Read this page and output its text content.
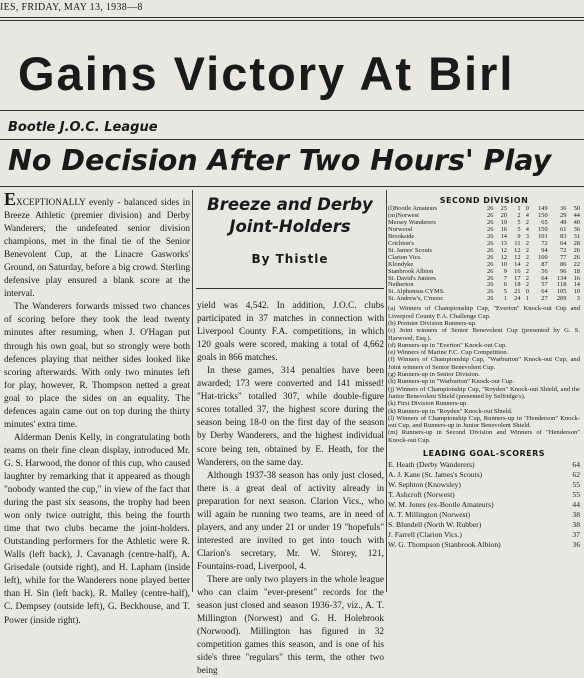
IES, FRIDAY, MAY 13, 1938—8
Gains Victory At Birl
Bootle J.O.C. League
No Decision After Two Hours' Play

EXCEPTIONALLY evenly - balanced sides in Breeze Athletic (premier division) and Derby Wanderers, the undefeated senior division champions, met in the final tie of the Senior Benevolent Cup, at the Linacre Gasworks' Ground, on Saturday, before a big crowd. Sterling defensive play ensured a blank score at the interval.

The Wanderers forwards missed two chances of scoring before they took the lead twenty minutes after resuming, when J. O'Hagan put through his own goal, but so strongly were both defences playing that neither sides looked like scoring afterwards. With only two minutes left for play, however, R. Thompson netted a great goal to place the sides on an equality. The defences again came out on top during the thirty minutes' extra time.

Alderman Denis Kelly, in congratulating both teams on their fine clean display, introduced Mr. G. S. Harwood, the donor of this cup, who caused laughter by remarking that it appeared as though "nobody wanted the cup," in view of the fact that during the past six seasons, the trophy had been won only twice outright, this being the fourth time that two clubs became the joint-holders. Outstanding performers for the Athletic were R. Walls (left back), J. Cavanagh (centre-half), A. Grisedale (outside right), and H. Lapham (inside left), while for the Wanderers none played better than H. Sin (left back), R. Malley (centre-half), C. Dempsey (outside left), G. Beckhouse, and T. Power (inside right).

Breeze and Derby
Joint-Holders
By Thistle

yield was 4,542. In addition, J.O.C. clubs participated in 37 matches in connection with Liverpool County F.A. competitions, in which 120 goals were scored, making a total of 4,662 goals in 866 matches.

In these games, 314 penalties have been awarded; 173 were converted and 141 missed! "Hat-tricks" totalled 307, while double-figure scores totalled 37, the highest score during the season being 18-0 on the first day of the season by Derby Wanderers, and the highest individual score being ten, obtained by E. Heath, for the Wanderers, on the same day.

Although 1937-38 season has only just closed, there is a great deal of activity already in preparation for next season. Clarion Vics., who will again be running two teams, are in need of players, and any under 21 or under 19 "hopefuls" interested are invited to get into touch with Clarion's secretary, Mr. W. Storey, 121, Fountains-road, Liverpool, 4.

There are only two players in the whole league who can claim "ever-present" records for the season just closed and season 1936-37, viz., A. T. Millington (Norwest) and G. H. Holebrook (Norwood). Millington has figured in 32 competition games this season, and is one of his side's three "regulars" this term, the other two being

SECOND DIVISION
(l)Bootle Amateurs	26	25	1	0	149	36	50
(m)Norwest	26	20	2	4	150	29	44
Mersey Wanderers	26	19	5	2	65	49	40
Norwood	26	16	5	4	150	61	36
Brookside	26	14	9	3	101	83	31
Crichton's	26	13	11	2	72	64	28
St. James' Scouts	26	12	12	2	94	72	26
Clarion Vics.	26	12	12	2	100	77	26
Klondyke	26	10	14	2	87	86	22
Stanbrook Albion	26	9	16	2	56	96	18
St. David's Juniors	26	7	17	2	64	134	16
Netherton	26	6	18	2	57	118	14
St. Alphonsus CYMS.	26	5	21	0	64	105	10
St. Andrew's, C'moor.	26	1	24	1	27	209	3

(a) Winners of Championship Cup, "Everton" Knock-out Cup and Liverpool County F.A. Challenge Cup.

(b) Premier Division Runners-up.

(c) Joint winners of Senior Benevolent Cup (presented by G. S. Harwood, Esq.).

(d) Runners-up in "Everton" Knock-out Cup.

(e) Winners of Marine F.C. Cup Competition.

(f) Winners of Championship Cup, "Warburton" Knock-out Cup, and Joint winners of Senior Benevolent Cup.

(g) Runners-up in Senior Division.

(h) Runners-up in "Warburton" Knock-out Cup.

(j) Winners of Championship Cup, "Royden" Knock-out Shield, and the Junior Benevolent Shield (presented by Selfridge's).

(k) First Division Runners-up.

(k) Runners-up in "Royden" Knock-out Shield.

(l) Winners of Championship Cup, Runners-up in "Henderson" Knock-out Cup, and Runners-up in Junior Benevolent Shield.

(m) Runners-up in Second Division and Winners of "Henderson" Knock-out Cup.

LEADING GOAL-SCORERS
E. Heath (Derby Wanderers)	64
A. J. Kane (St. James's Scouts)	62
W. Sephton (Knowsley)	55
T. Ashcroft (Norwest)	55
W. M. Jones (ex-Bootle Amateurs)	44
A. T. Millington (Norwest)	38
S. Blundell (North W. Rubber)	38
J. Farrell (Clarion Vics.)	37
W. G. Thompson (Stanbrook Albion)	36
